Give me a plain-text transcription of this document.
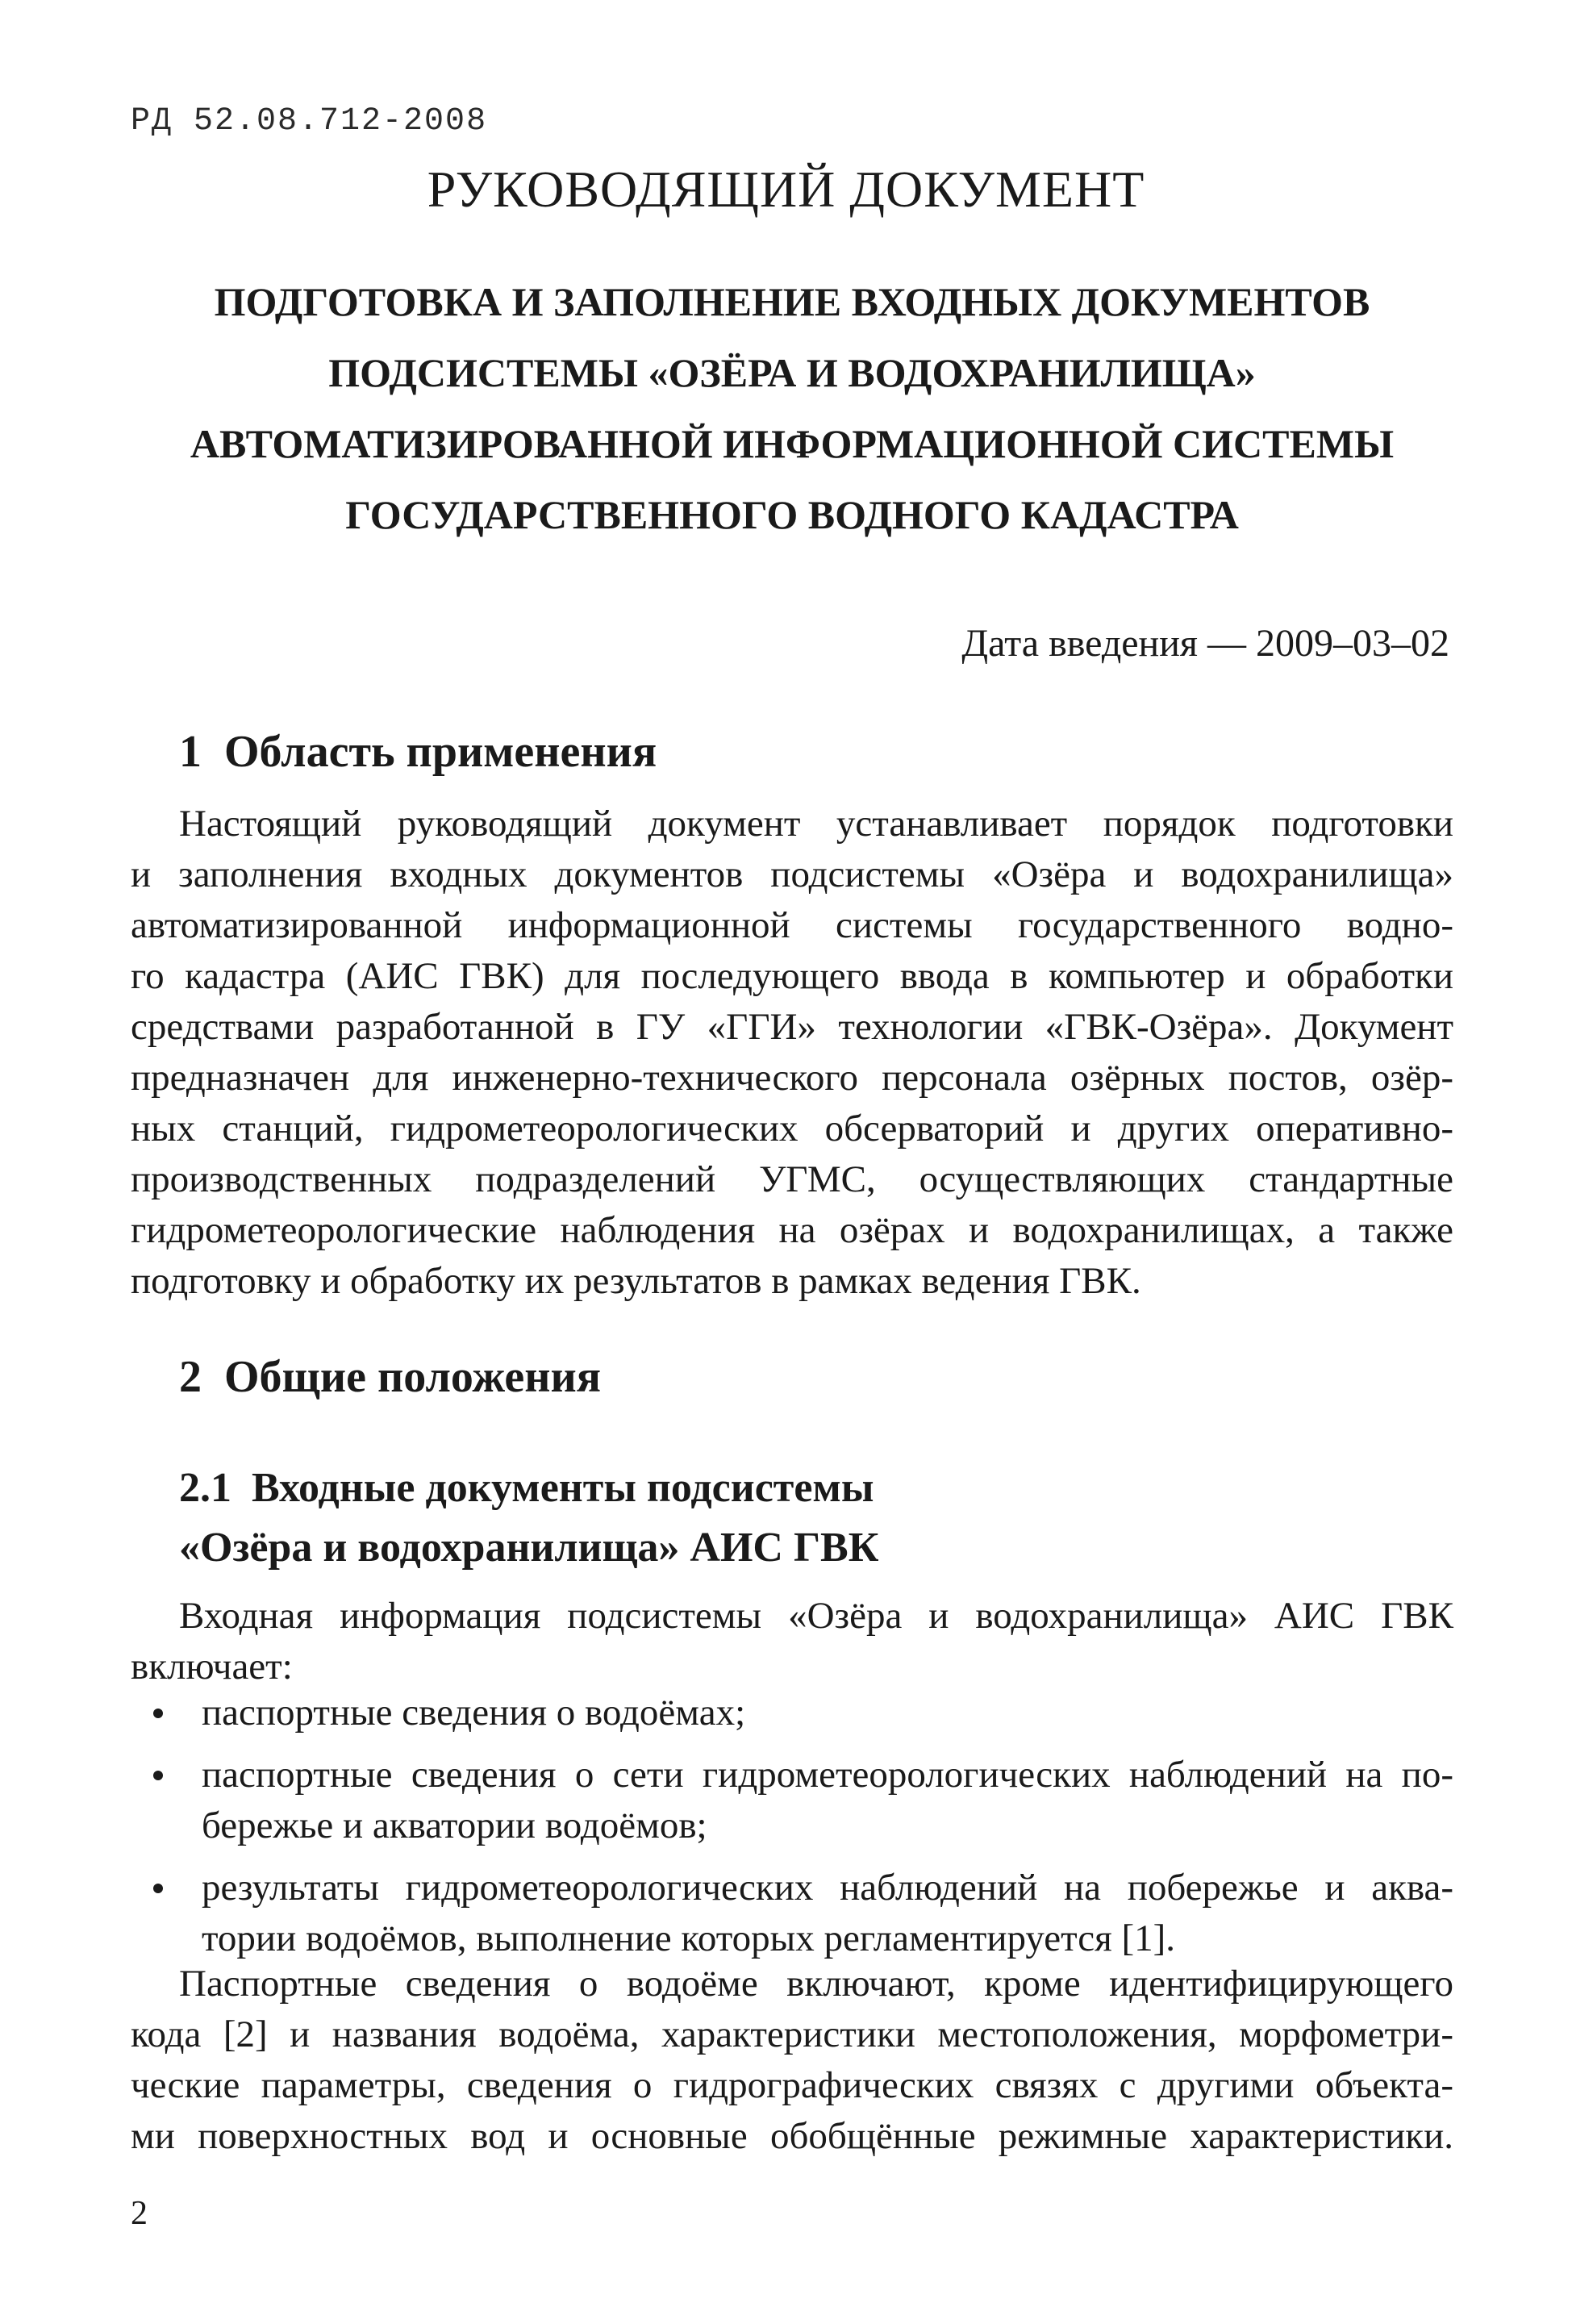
РД 52.08.712-2008
РУКОВОДЯЩИЙ ДОКУМЕНТ
ПОДГОТОВКА И ЗАПОЛНЕНИЕ ВХОДНЫХ ДОКУМЕНТОВ
ПОДСИСТЕМЫ «ОЗЁРА И ВОДОХРАНИЛИЩА»
АВТОМАТИЗИРОВАННОЙ ИНФОРМАЦИОННОЙ СИСТЕМЫ
ГОСУДАРСТВЕННОГО ВОДНОГО КАДАСТРА
Дата введения — 2009–03–02
1 Область применения
Настоящий руководящий документ устанавливает порядок подготовки
и заполнения входных документов подсистемы «Озёра и водохранилища»
автоматизированной информационной системы государственного водно-
го кадастра (АИС ГВК) для последующего ввода в компьютер и обработки
средствами разработанной в ГУ «ГГИ» технологии «ГВК-Озёра». Документ
предназначен для инженерно-технического персонала озёрных постов, озёр-
ных станций, гидрометеорологических обсерваторий и других оперативно-
производственных подразделений УГМС, осуществляющих стандартные
гидрометеорологические наблюдения на озёрах и водохранилищах, а также
подготовку и обработку их результатов в рамках ведения ГВК.
2 Общие положения
2.1 Входные документы подсистемы
«Озёра и водохранилища» АИС ГВК
Входная информация подсистемы «Озёра и водохранилища» АИС ГВК
включает:
паспортные сведения о водоёмах;
паспортные сведения о сети гидрометеорологических наблюдений на по-
бережье и акватории водоёмов;
результаты гидрометеорологических наблюдений на побережье и аква-
тории водоёмов, выполнение которых регламентируется [1].
Паспортные сведения о водоёме включают, кроме идентифицирующего
кода [2] и названия водоёма, характеристики местоположения, морфометри-
ческие параметры, сведения о гидрографических связях с другими объекта-
ми поверхностных вод и основные обобщённые режимные характеристики.
2
